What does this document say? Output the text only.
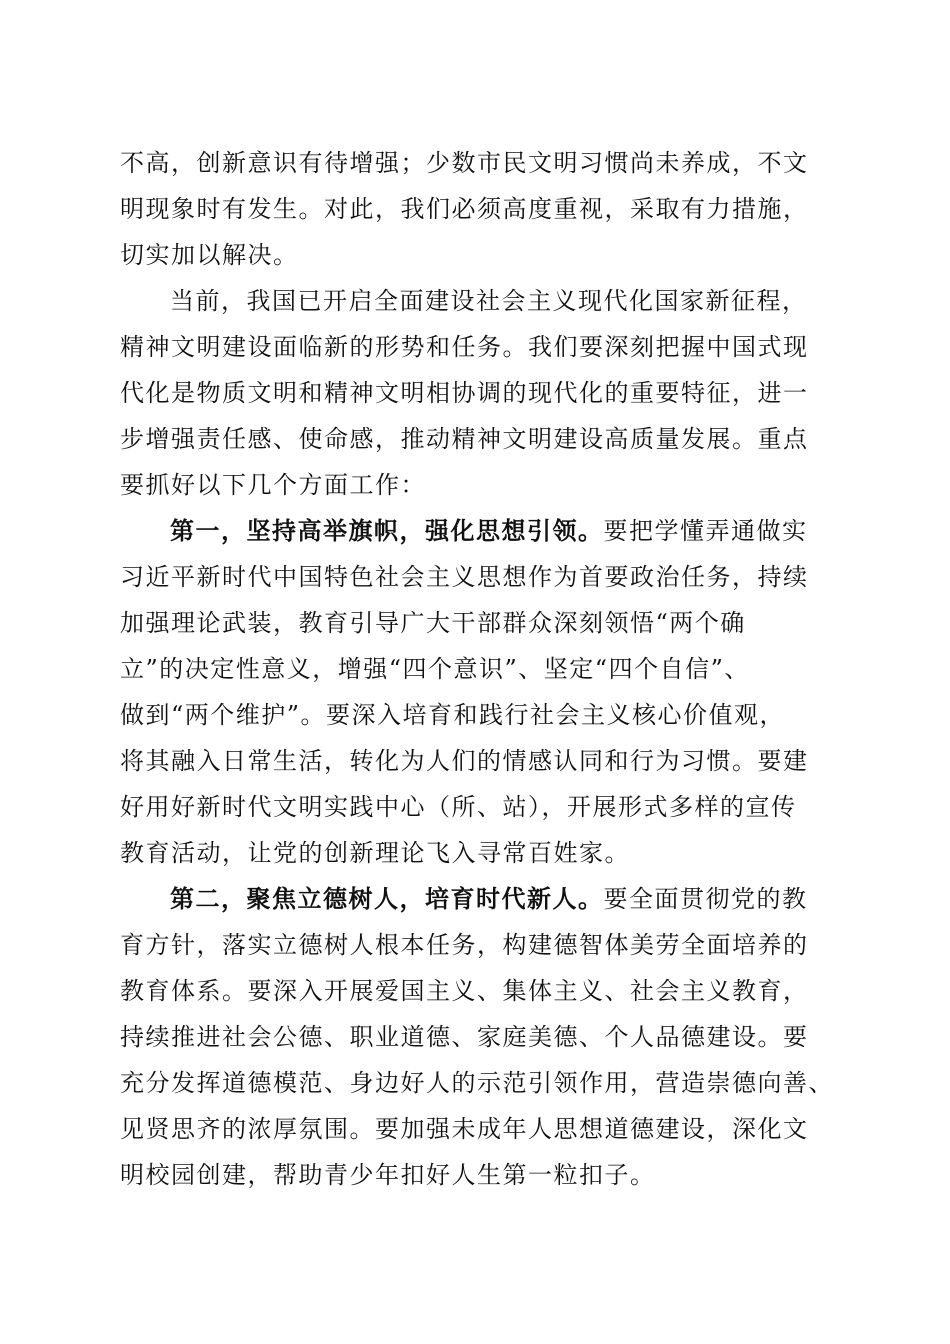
不高，创新意识有待增强；少数市民文明习惯尚未养成，不文
明现象时有发生。对此，我们必须高度重视，采取有力措施，
切实加以解决。
当前，我国已开启全面建设社会主义现代化国家新征程，
精神文明建设面临新的形势和任务。我们要深刻把握中国式现
代化是物质文明和精神文明相协调的现代化的重要特征，进一
步增强责任感、使命感，推动精神文明建设高质量发展。重点
要抓好以下几个方面工作：
第一，坚持高举旗帜，强化思想引领。要把学懂弄通做实
习近平新时代中国特色社会主义思想作为首要政治任务，持续
加强理论武装，教育引导广大干部群众深刻领悟“两个确
立”的决定性意义，增强“四个意识”、坚定“四个自信”、
做到“两个维护”。要深入培育和践行社会主义核心价值观，
将其融入日常生活，转化为人们的情感认同和行为习惯。要建
好用好新时代文明实践中心（所、站），开展形式多样的宣传
教育活动，让党的创新理论飞入寻常百姓家。
第二，聚焦立德树人，培育时代新人。要全面贯彻党的教
育方针，落实立德树人根本任务，构建德智体美劳全面培养的
教育体系。要深入开展爱国主义、集体主义、社会主义教育，
持续推进社会公德、职业道德、家庭美德、个人品德建设。要
充分发挥道德模范、身边好人的示范引领作用，营造崇德向善、
见贤思齐的浓厚氛围。要加强未成年人思想道德建设，深化文
明校园创建，帮助青少年扣好人生第一粒扣子。
